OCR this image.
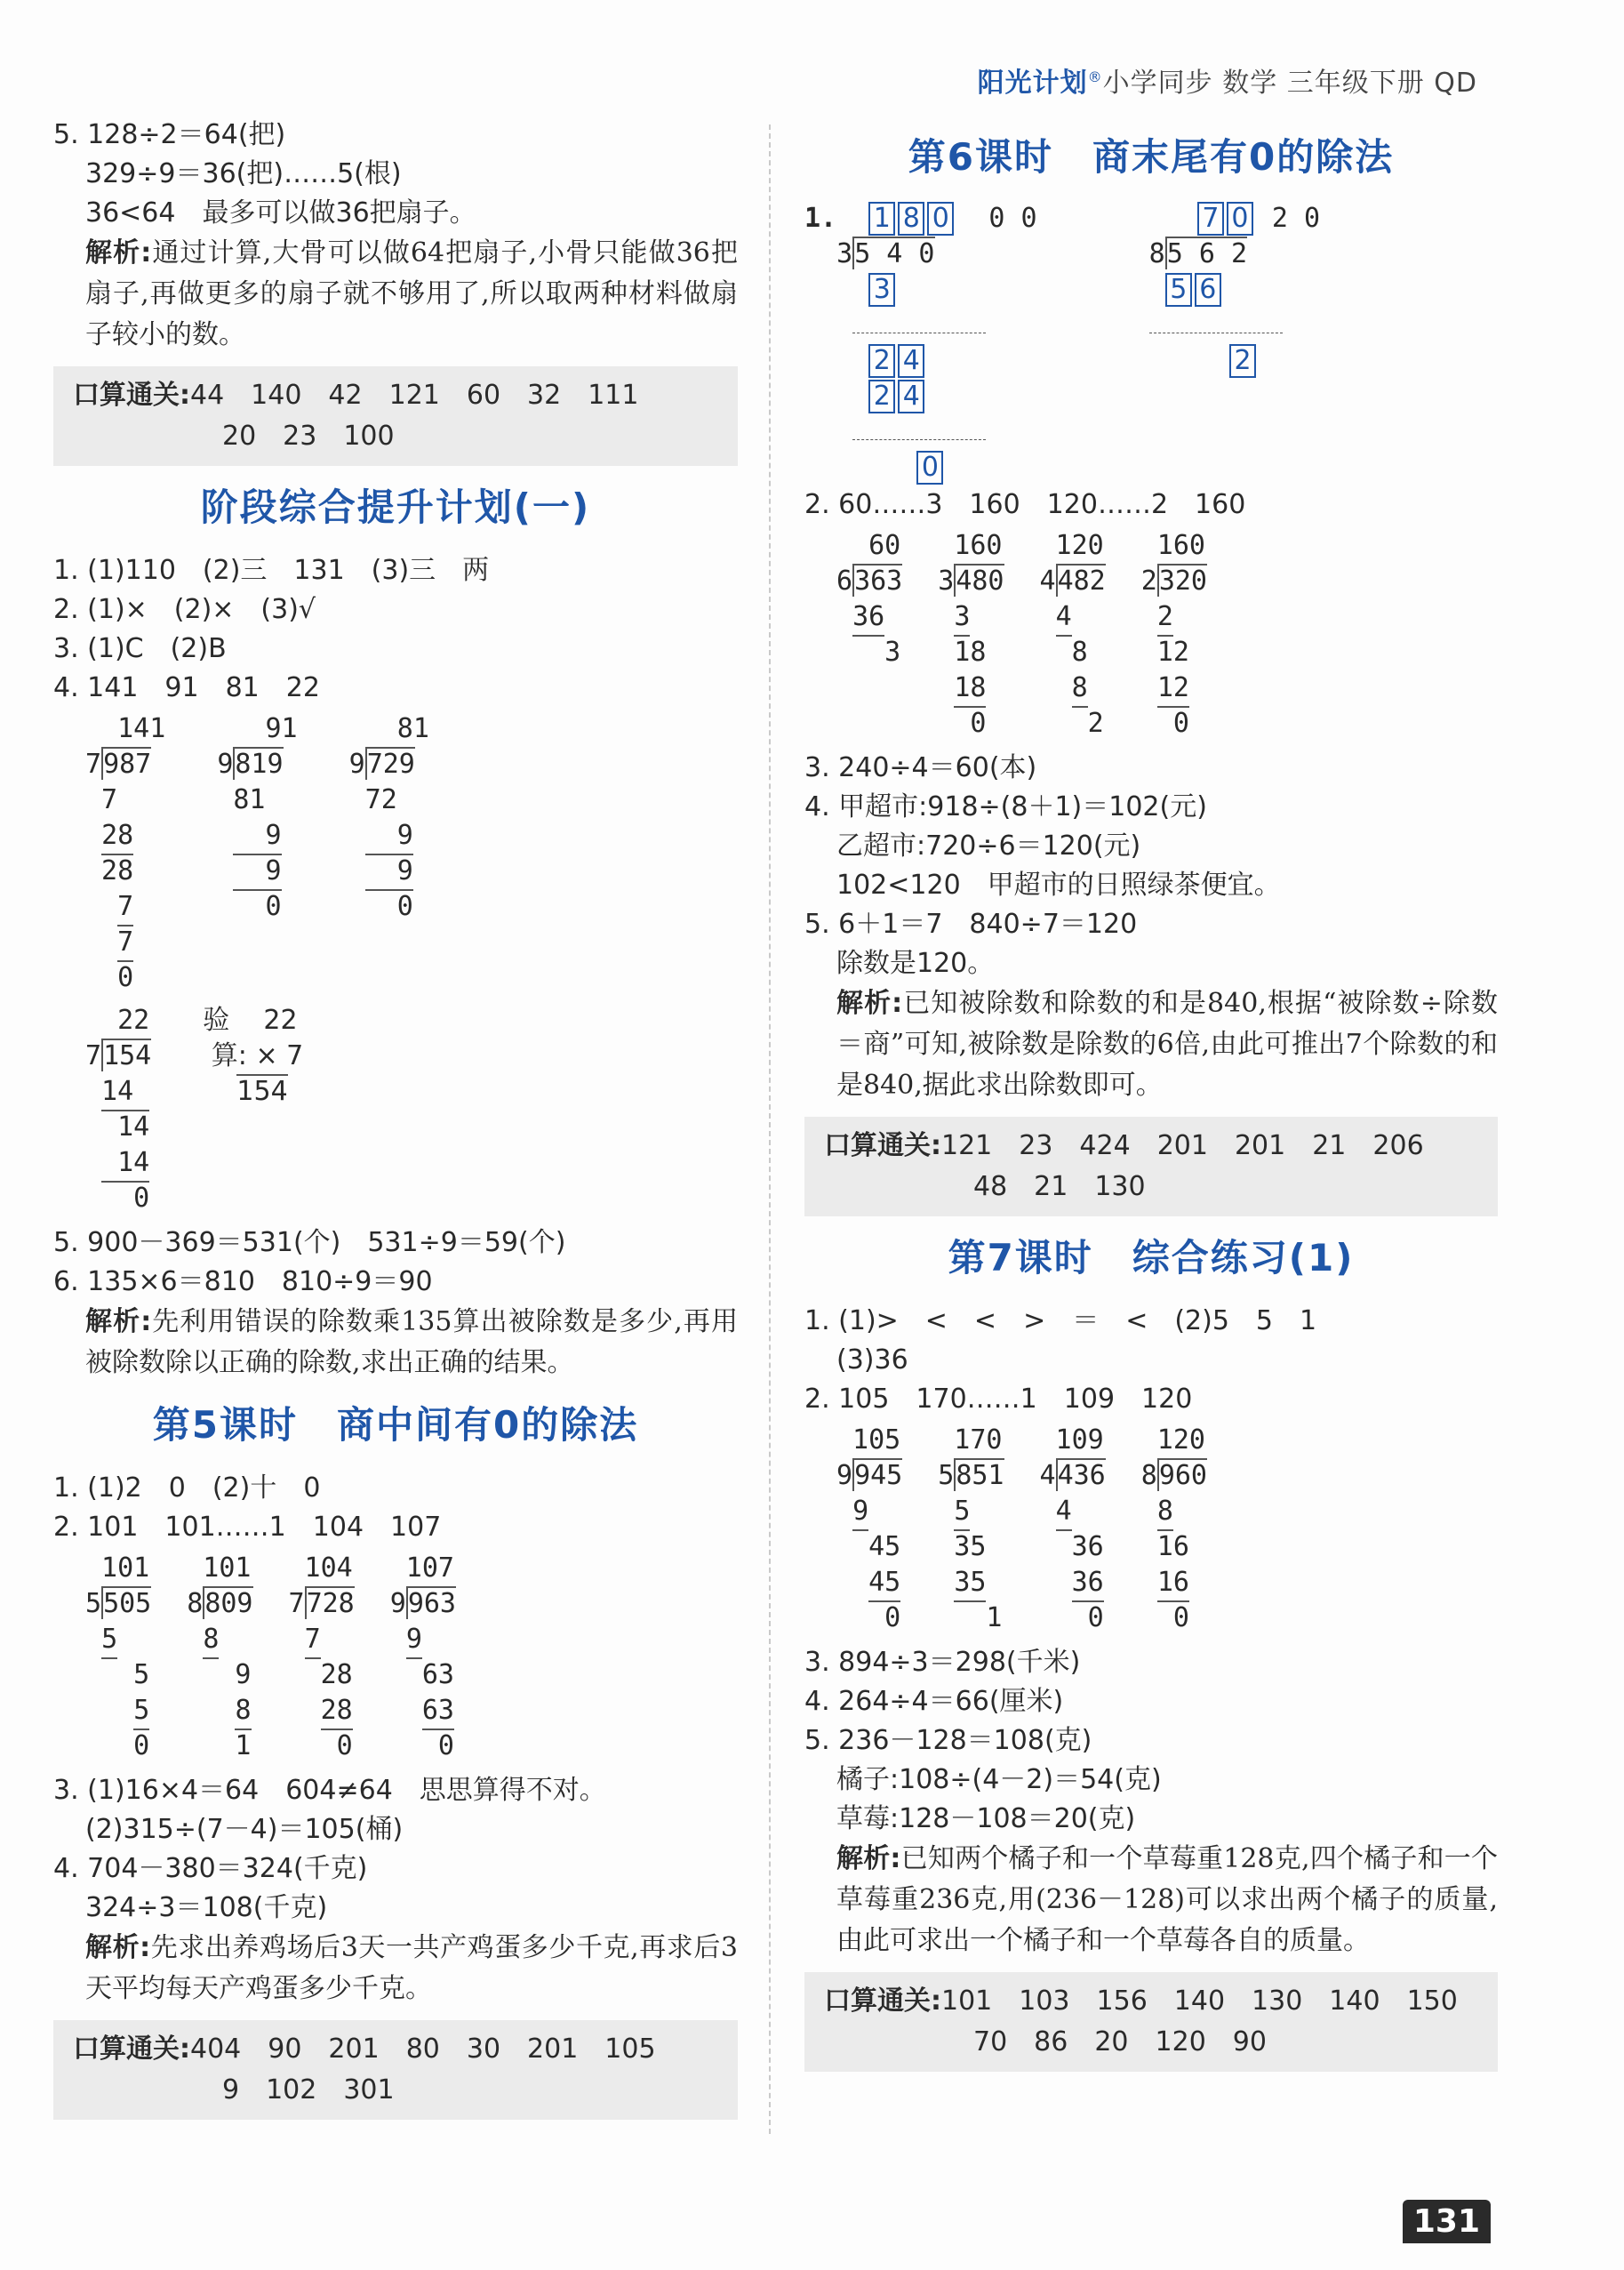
阳光计划®小学同步 数学 三年级下册 QD
5. 128÷2＝64(把)
329÷9＝36(把)……5(根)
36<64　最多可以做36把扇子。
解析:通过计算,大骨可以做64把扇子,小骨只能做36把扇子,再做更多的扇子就不够用了,所以取两种材料做扇子较小的数。
口算通关:44　140　42　121　60　32　111
20　23　100
阶段综合提升计划(一)
1. (1)110　(2)三　131　(3)三　两
2. (1)×　(2)×　(3)√
3. (1)C　(2)B
4. 141　91　81　22
141
7987
7
28
28
7
7
0
91
9819
81
9
9
0
81
9729
72
9
9
0
22
7154
14
14
14
0
验    22
算: × 7
154
5. 900－369＝531(个)　531÷9＝59(个)
6. 135×6＝810　810÷9＝90
解析:先利用错误的除数乘135算出被除数是多少,再用被除数除以正确的除数,求出正确的结果。
第5课时　商中间有0的除法
1. (1)2　0　(2)十　0
2. 101　101……1　104　107
101
5505
5
5
5
0
101
8809
8
9
8
1
104
7728
7
28
28
0
107
9963
9
63
63
0
3. (1)16×4＝64　604≠64　思思算得不对。
(2)315÷(7－4)＝105(桶)
4. 704－380＝324(千克)
324÷3＝108(千克)
解析:先求出养鸡场后3天一共产鸡蛋多少千克,再求后3天平均每天产鸡蛋多少千克。
口算通关:404　90　201　80　30　201　105
9　102　301
第6课时　商末尾有0的除法
1. 1 8 0  0 0
35 4 0
3

2 4
2 4

0
7 0 2 0
85 6 2
5 6

2
2. 60……3　160　120……2　160
60
6363
36
3
160
3480
3
18
18
0
120
4482
4
8
8
2
160
2320
2
12
12
0
3. 240÷4＝60(本)
4. 甲超市:918÷(8＋1)＝102(元)
乙超市:720÷6＝120(元)
102<120　甲超市的日照绿茶便宜。
5. 6＋1＝7　840÷7＝120
除数是120。
解析:已知被除数和除数的和是840,根据“被除数÷除数＝商”可知,被除数是除数的6倍,由此可推出7个除数的和是840,据此求出除数即可。
口算通关:121　23　424　201　201　21　206
48　21　130
第7课时　综合练习(1)
1. (1)>　<　<　>　＝　<　(2)5　5　1
(3)36
2. 105　170……1　109　120
105
9945
9
45
45
0
170
5851
5
35
35
1
109
4436
4
36
36
0
120
8960
8
16
16
0
3. 894÷3＝298(千米)
4. 264÷4＝66(厘米)
5. 236－128＝108(克)
橘子:108÷(4－2)＝54(克)
草莓:128－108＝20(克)
解析:已知两个橘子和一个草莓重128克,四个橘子和一个草莓重236克,用(236－128)可以求出两个橘子的质量,由此可求出一个橘子和一个草莓各自的质量。
口算通关:101　103　156　140　130　140　150
70　86　20　120　90
131
